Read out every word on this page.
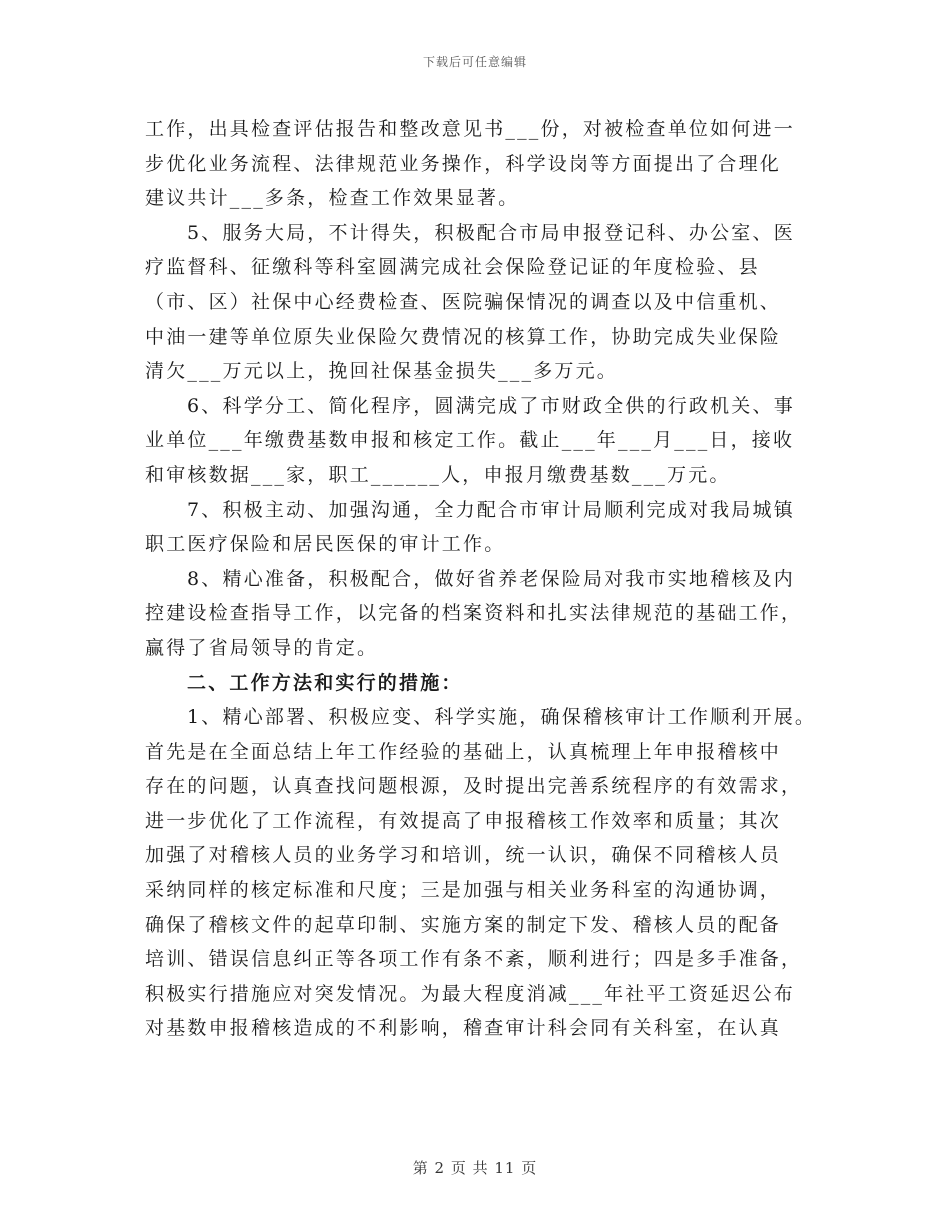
下载后可任意编辑
工作，出具检查评估报告和整改意见书___份，对被检查单位如何进一
步优化业务流程、法律规范业务操作，科学设岗等方面提出了合理化
建议共计___多条，检查工作效果显著。
5、服务大局，不计得失，积极配合市局申报登记科、办公室、医
疗监督科、征缴科等科室圆满完成社会保险登记证的年度检验、县
（市、区）社保中心经费检查、医院骗保情况的调查以及中信重机、
中油一建等单位原失业保险欠费情况的核算工作，协助完成失业保险
清欠___万元以上，挽回社保基金损失___多万元。
6、科学分工、简化程序，圆满完成了市财政全供的行政机关、事
业单位___年缴费基数申报和核定工作。截止___年___月___日，接收
和审核数据___家，职工______人，申报月缴费基数___万元。
7、积极主动、加强沟通，全力配合市审计局顺利完成对我局城镇
职工医疗保险和居民医保的审计工作。
8、精心准备，积极配合，做好省养老保险局对我市实地稽核及内
控建设检查指导工作，以完备的档案资料和扎实法律规范的基础工作，
赢得了省局领导的肯定。
二、工作方法和实行的措施：
1、精心部署、积极应变、科学实施，确保稽核审计工作顺利开展。
首先是在全面总结上年工作经验的基础上，认真梳理上年申报稽核中
存在的问题，认真查找问题根源，及时提出完善系统程序的有效需求，
进一步优化了工作流程，有效提高了申报稽核工作效率和质量；其次
加强了对稽核人员的业务学习和培训，统一认识，确保不同稽核人员
采纳同样的核定标准和尺度；三是加强与相关业务科室的沟通协调，
确保了稽核文件的起草印制、实施方案的制定下发、稽核人员的配备
培训、错误信息纠正等各项工作有条不紊，顺利进行；四是多手准备，
积极实行措施应对突发情况。为最大程度消减___年社平工资延迟公布
对基数申报稽核造成的不利影响，稽查审计科会同有关科室，在认真
第 2 页 共 11 页
